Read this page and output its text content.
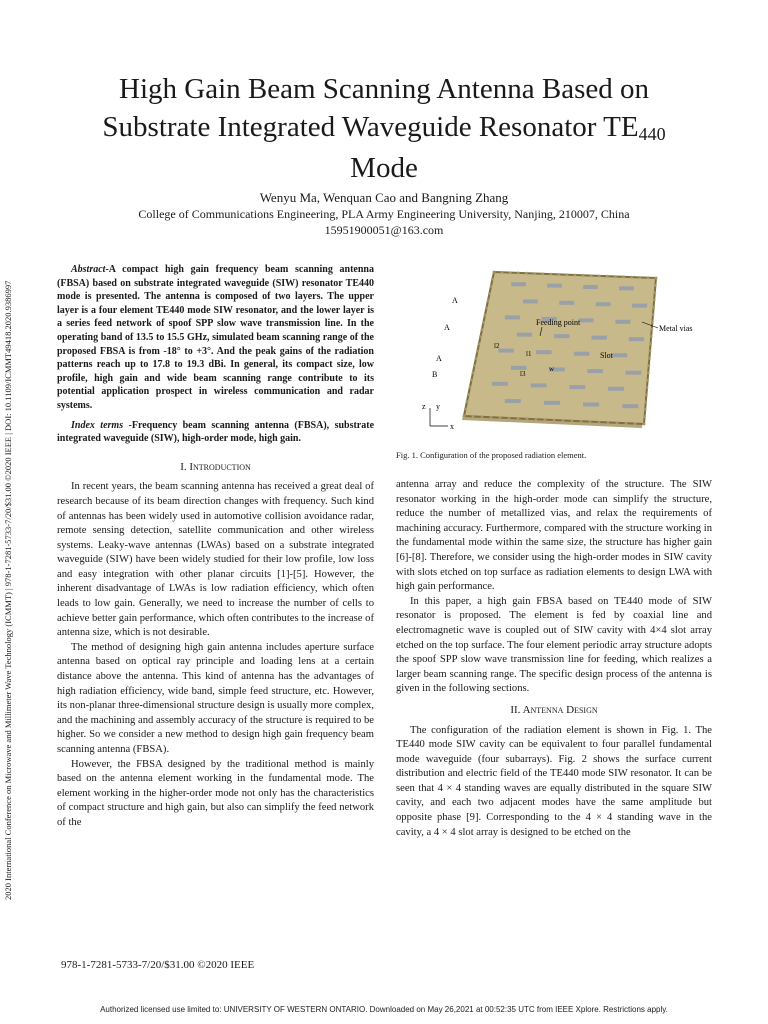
2020 International Conference on Microwave and Millimeter Wave Technology (ICMMT) | 978-1-7281-5733-7/20/$31.00 ©2020 IEEE | DOI: 10.1109/ICMMT49418.2020.9386997
High Gain Beam Scanning Antenna Based on
Substrate Integrated Waveguide Resonator $TE_{440}$
Mode
Wenyu Ma, Wenquan Cao and Bangning Zhang
College of Communications Engineering, PLA Army Engineering University, Nanjing, 210007, China
15951900051@163.com

Abstract-A compact high gain frequency beam scanning antenna (FBSA) based on substrate integrated waveguide (SIW) resonator TE440 mode is presented. The antenna is composed of two layers. The upper layer is a four element TE440 mode SIW resonator, and the lower layer is a series feed network of spoof SPP slow wave transmission line. In the operating band of 13.5 to 15.5 GHz, simulated beam scanning range of the proposed FBSA is from -18° to +3°. And the peak gains of the radiation patterns reach up to 17.8 to 19.3 dBi. In general, its compact size, low profile, high gain and wide beam scanning range contribute to its potential application prospect in wireless communication and radar systems.

Index terms -Frequency beam scanning antenna (FBSA), substrate integrated waveguide (SIW), high-order mode, high gain.

I. Introduction

In recent years, the beam scanning antenna has received a great deal of research because of its beam direction changes with frequency. Such kind of antennas has been widely used in automotive collision avoidance radar, remote sensing detection, satellite communication and other wireless systems. Leaky-wave antennas (LWAs) based on a substrate integrated waveguide (SIW) have been widely studied for their low profile, low loss and easy integration with other planar circuits [1]-[5]. However, the inherent disadvantage of LWAs is low radiation efficiency, which often leads to low gain. Generally, we need to increase the number of cells to achieve better gain performance, which often contributes to the increase of antenna size, which is not desirable.

The method of designing high gain antenna includes aperture surface antenna based on optical ray principle and loading lens at a certain distance above the antenna. This kind of antenna has the advantages of high radiation efficiency, wide band, simple feed structure, etc. However, its non-planar three-dimensional structure design is usually more complex, and the machining and assembly accuracy of the structure is required to be higher. So we consider a new method to design high gain frequency beam scanning antenna (FBSA).

However, the FBSA designed by the traditional method is mainly based on the antenna element working in the fundamental mode. The element working in the higher-order mode not only has the characteristics of compact structure and high gain, but also can simplify the feed network of the

Feeding point
Metal vias
Slot
A
A
A
B
l1
l2
l3
w
z y
x
Fig. 1. Configuration of the proposed radiation element.

antenna array and reduce the complexity of the structure. The SIW resonator working in the high-order mode can simplify the structure, reduce the number of metallized vias, and relax the requirements of machining accuracy. Furthermore, compared with the structure working in the fundamental mode within the same size, the structure has higher gain [6]-[8]. Therefore, we consider using the high-order modes in SIW cavity with slots etched on top surface as radiation elements to design LWA with high gain performance.

In this paper, a high gain FBSA based on TE440 mode of SIW resonator is proposed. The element is fed by coaxial line and electromagnetic wave is coupled out of SIW cavity with 4×4 slot array etched on the top surface. The four element periodic array structure adopts the spoof SPP slow wave transmission line for feeding, which realizes a larger beam scanning range. The specific design process of the antenna is given in the following sections.

II. Antenna Design

The configuration of the radiation element is shown in Fig. 1. The TE440 mode SIW cavity can be equivalent to four parallel fundamental mode waveguide (four subarrays). Fig. 2 shows the surface current distribution and electric field of the TE440 mode SIW resonator. It can be seen that 4 × 4 standing waves are equally distributed in the square SIW cavity, and each two adjacent modes have the same amplitude but opposite phase [9]. Corresponding to the 4 × 4 standing wave in the cavity, a 4 × 4 slot array is designed to be etched on the

978-1-7281-5733-7/20/$31.00 ©2020 IEEE
Authorized licensed use limited to: UNIVERSITY OF WESTERN ONTARIO. Downloaded on May 26,2021 at 00:52:35 UTC from IEEE Xplore. Restrictions apply.
